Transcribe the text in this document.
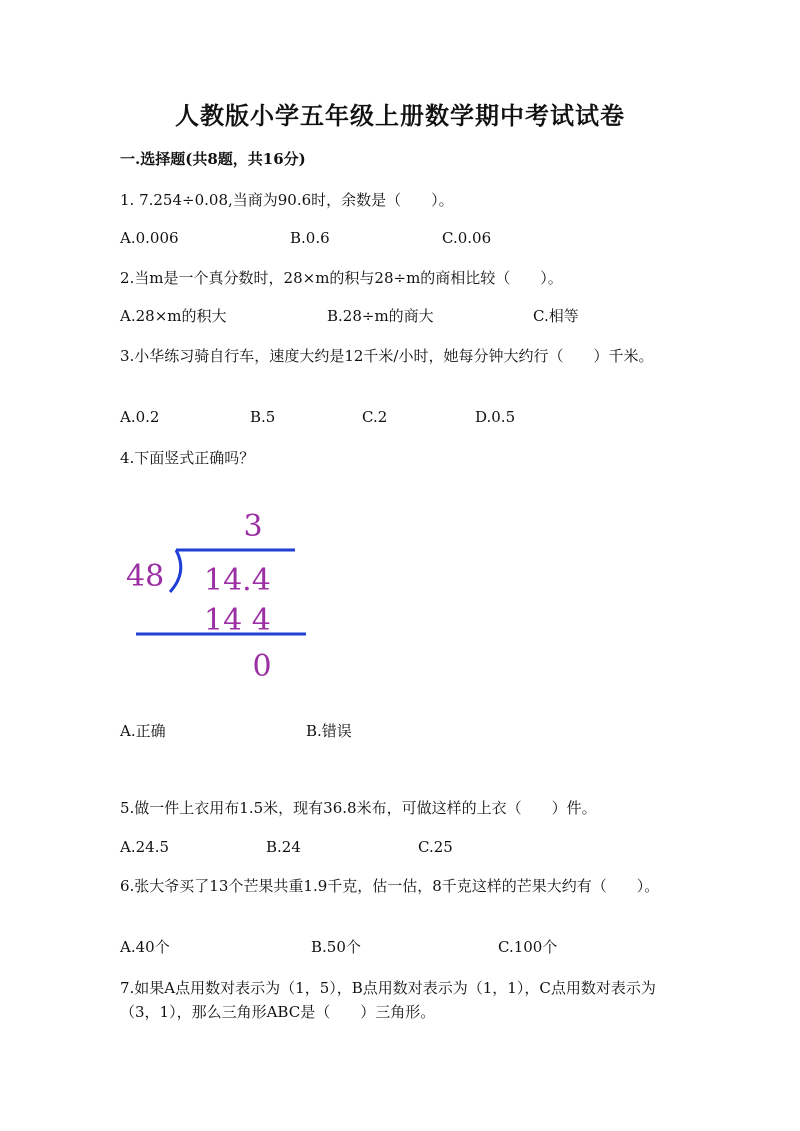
人教版小学五年级上册数学期中考试试卷
一.选择题(共8题，共16分)
1. 7.254÷0.08,当商为90.6时，余数是（　　）。
A.0.006	B.0.6	C.0.06
2.当m是一个真分数时，28×m的积与28÷m的商相比较（　　）。
A.28×m的积大	B.28÷m的商大	C.相等
3.小华练习骑自行车，速度大约是12千米/小时，她每分钟大约行（　　）千米。
A.0.2	B.5	C.2	D.0.5
4.下面竖式正确吗？
3
48 14.4
14 4
0
A.正确	B.错误
5.做一件上衣用布1.5米，现有36.8米布，可做这样的上衣（　　）件。
A.24.5	B.24	C.25
6.张大爷买了13个芒果共重1.9千克，估一估，8千克这样的芒果大约有（　　）。
A.40个	B.50个	C.100个
7.如果A点用数对表示为（1，5），B点用数对表示为（1，1），C点用数对表示为（3，1），那么三角形ABC是（　　）三角形。
